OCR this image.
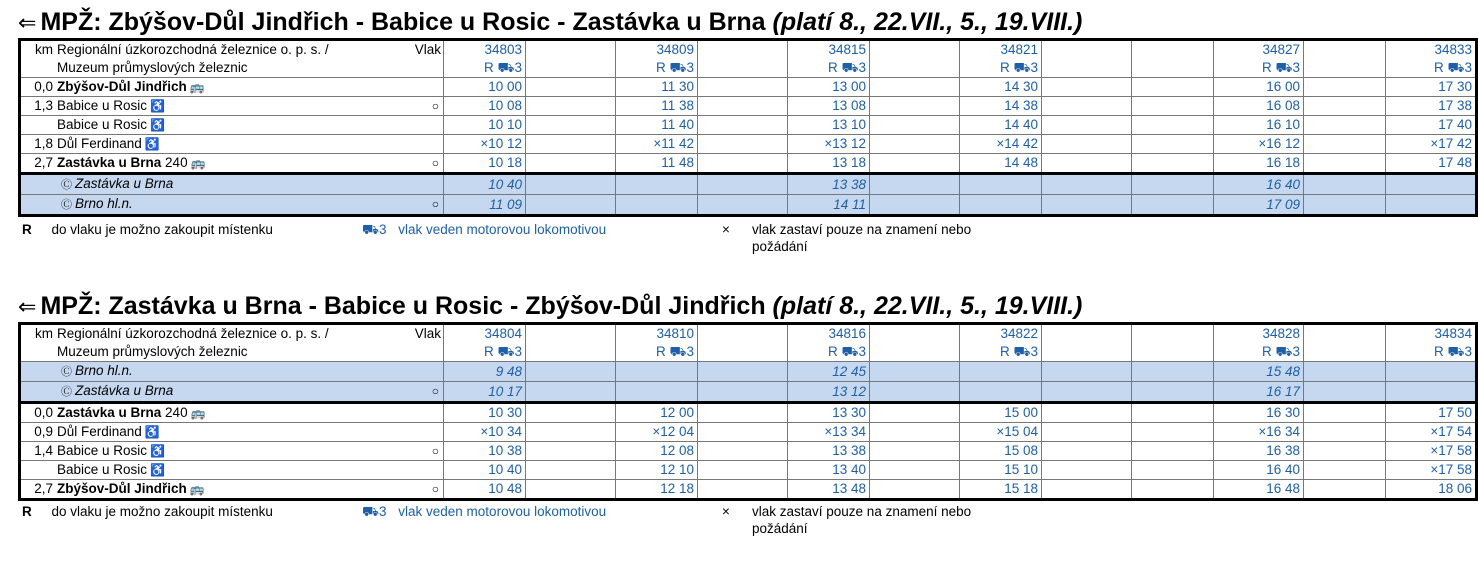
⇐ MPŽ: Zbýšov-Důl Jindřich - Babice u Rosic - Zastávka u Brna (platí 8., 22.VII., 5., 19.VIII.)
km	Regionální úzkorozchodná železnice o. p. s. / Vlak	34803		34809		34815		34821			34827		34833
	Muzeum průmyslových železnic	R ⛟3		R ⛟3		R ⛟3		R ⛟3			R ⛟3		R ⛟3
0,0	Zbýšov-Důl Jindřich 🚌	10 00		11 30		13 00		14 30			16 00		17 30
1,3	Babice u Rosic ♿ ○	10 08		11 38		13 08		14 38			16 08		17 38
	Babice u Rosic ♿	10 10		11 40		13 10		14 40			16 10		17 40
1,8	Důl Ferdinand ♿	×10 12		×11 42		×13 12		×14 42			×16 12		×17 42
2,7	Zastávka u Brna 240 🚌 ○	10 18		11 48		13 18		14 48			16 18		17 48
	Ⓒ Zastávka u Brna	10 40				13 38					16 40		
	Ⓒ Brno hl.n. ○	11 09				14 11					17 09		
⇐ MPŽ: Zastávka u Brna - Babice u Rosic - Zbýšov-Důl Jindřich (platí 8., 22.VII., 5., 19.VIII.)
km	Regionální úzkorozchodná železnice o. p. s. / Vlak	34804		34810		34816		34822			34828		34834
	Muzeum průmyslových železnic	R ⛟3		R ⛟3		R ⛟3		R ⛟3			R ⛟3		R ⛟3
	Ⓒ Brno hl.n.	9 48				12 45					15 48		
	Ⓒ Zastávka u Brna ○	10 17				13 12					16 17		
0,0	Zastávka u Brna 240 🚌	10 30		12 00		13 30		15 00			16 30		17 50
0,9	Důl Ferdinand ♿	×10 34		×12 04		×13 34		×15 04			×16 34		×17 54
1,4	Babice u Rosic ♿ ○	10 38		12 08		13 38		15 08			16 38		×17 58
	Babice u Rosic ♿	10 40		12 10		13 40		15 10			16 40		×17 58
2,7	Zbýšov-Důl Jindřich 🚌 ○	10 48		12 18		13 48		15 18			16 48		18 06
R do vlaku je možno zakoupit místenku	⛟3 vlak veden motorovou lokomotivou	× vlak zastaví pouze na znamení nebo
požádání
R do vlaku je možno zakoupit místenku	⛟3 vlak veden motorovou lokomotivou	× vlak zastaví pouze na znamení nebo
požádání
